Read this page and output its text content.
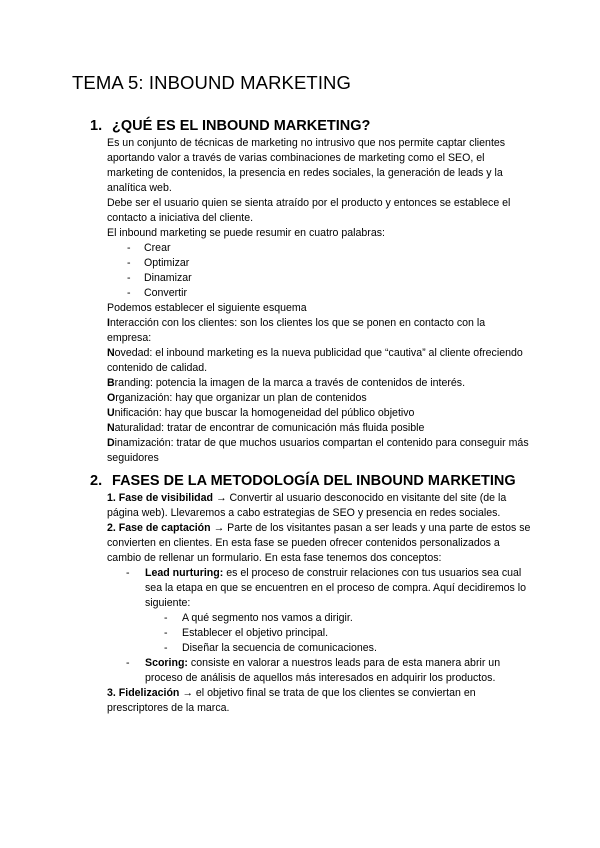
TEMA 5: INBOUND MARKETING
1. ¿QUÉ ES EL INBOUND MARKETING?

Es un conjunto de técnicas de marketing no intrusivo que nos permite captar clientes aportando valor a través de varias combinaciones de marketing como el SEO, el marketing de contenidos, la presencia en redes sociales, la generación de leads y la analítica web.

Debe ser el usuario quien se sienta atraído por el producto y entonces se establece el contacto a iniciativa del cliente.

El inbound marketing se puede resumir en cuatro palabras:

- Crear

- Optimizar

- Dinamizar

- Convertir

Podemos establecer el siguiente esquema

Interacción con los clientes: son los clientes los que se ponen en contacto con la empresa:

Novedad: el inbound marketing es la nueva publicidad que “cautiva” al cliente ofreciendo contenido de calidad.

Branding: potencia la imagen de la marca a través de contenidos de interés.

Organización: hay que organizar un plan de contenidos

Unificación: hay que buscar la homogeneidad del público objetivo

Naturalidad: tratar de encontrar de comunicación más fluida posible

Dinamización: tratar de que muchos usuarios compartan el contenido para conseguir más seguidores

2. FASES DE LA METODOLOGÍA DEL INBOUND MARKETING

1. Fase de visibilidad → Convertir al usuario desconocido en visitante del site (de la página web). Llevaremos a cabo estrategias de SEO y presencia en redes sociales.

2. Fase de captación → Parte de los visitantes pasan a ser leads y una parte de estos se convierten en clientes. En esta fase se pueden ofrecer contenidos personalizados a cambio de rellenar un formulario. En esta fase tenemos dos conceptos:

- Lead nurturing: es el proceso de construir relaciones con tus usuarios sea cual sea la etapa en que se encuentren en el proceso de compra. Aquí decidiremos lo siguiente:

- A qué segmento nos vamos a dirigir.

- Establecer el objetivo principal.

- Diseñar la secuencia de comunicaciones.

- Scoring: consiste en valorar a nuestros leads para de esta manera abrir un proceso de análisis de aquellos más interesados en adquirir los productos.

3. Fidelización → el objetivo final se trata de que los clientes se conviertan en prescriptores de la marca.
